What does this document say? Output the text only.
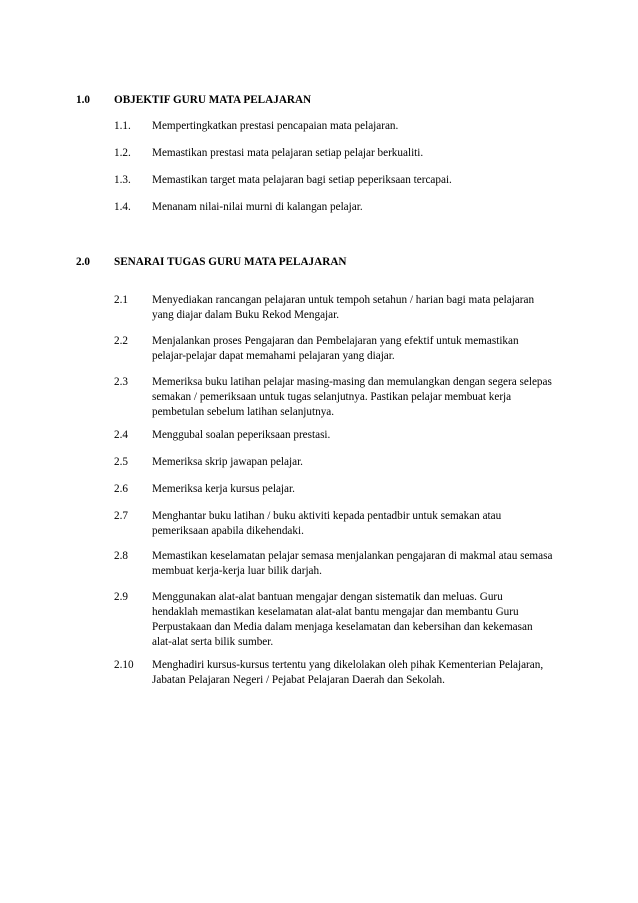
1.0 OBJEKTIF GURU MATA PELAJARAN
1.1. Mempertingkatkan prestasi pencapaian mata pelajaran.
1.2. Memastikan prestasi mata pelajaran setiap pelajar berkualiti.
1.3. Memastikan target mata pelajaran bagi setiap peperiksaan tercapai.
1.4. Menanam nilai-nilai murni di kalangan pelajar.
2.0 SENARAI TUGAS GURU MATA PELAJARAN
2.1 Menyediakan rancangan pelajaran untuk tempoh setahun / harian bagi mata pelajaran
yang diajar dalam Buku Rekod Mengajar.
2.2 Menjalankan proses Pengajaran dan Pembelajaran yang efektif untuk memastikan
pelajar-pelajar dapat memahami pelajaran yang diajar.
2.3 Memeriksa buku latihan pelajar masing-masing dan memulangkan dengan segera selepas
semakan / pemeriksaan untuk tugas selanjutnya. Pastikan pelajar membuat kerja
pembetulan sebelum latihan selanjutnya.
2.4 Menggubal soalan peperiksaan prestasi.
2.5 Memeriksa skrip jawapan pelajar.
2.6 Memeriksa kerja kursus pelajar.
2.7 Menghantar buku latihan / buku aktiviti kepada pentadbir untuk semakan atau
pemeriksaan apabila dikehendaki.
2.8 Memastikan keselamatan pelajar semasa menjalankan pengajaran di makmal atau semasa
membuat kerja-kerja luar bilik darjah.
2.9 Menggunakan alat-alat bantuan mengajar dengan sistematik dan meluas. Guru
hendaklah memastikan keselamatan alat-alat bantu mengajar dan membantu Guru
Perpustakaan dan Media dalam menjaga keselamatan dan kebersihan dan kekemasan
alat-alat serta bilik sumber.
2.10 Menghadiri kursus-kursus tertentu yang dikelolakan oleh pihak Kementerian Pelajaran,
Jabatan Pelajaran Negeri / Pejabat Pelajaran Daerah dan Sekolah.
